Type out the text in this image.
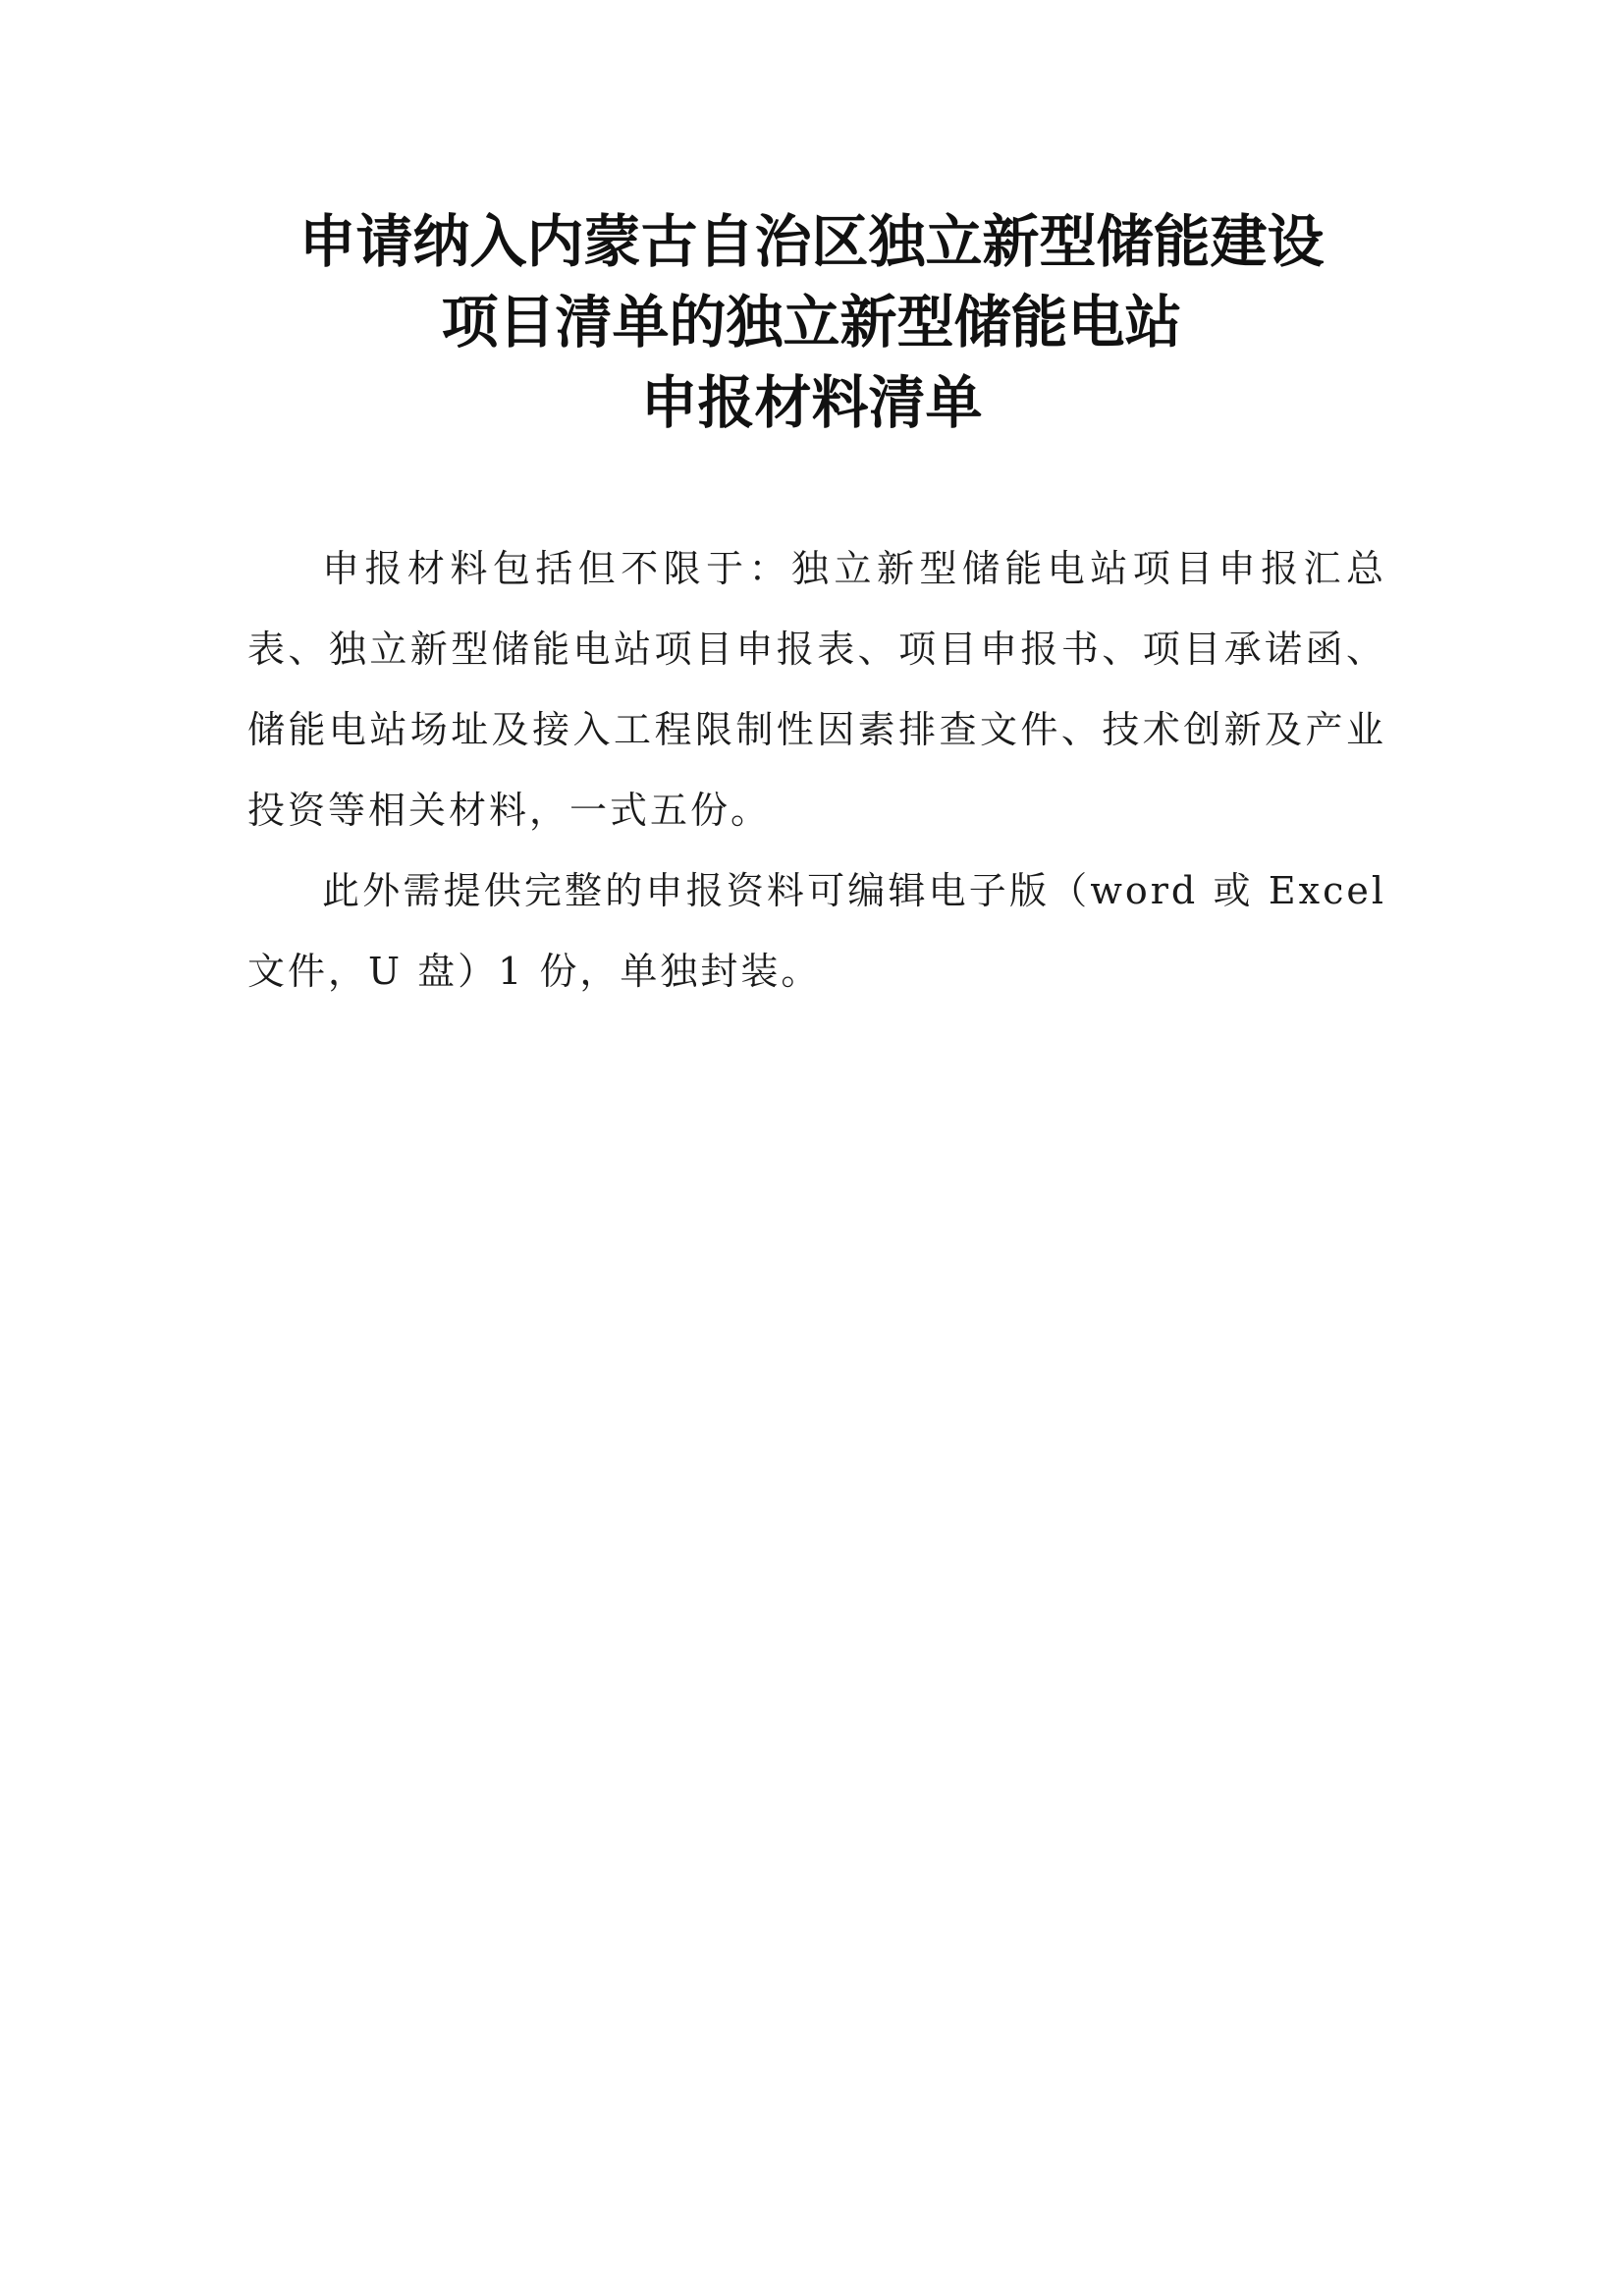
申请纳入内蒙古自治区独立新型储能建设
项目清单的独立新型储能电站
申报材料清单

申报材料包括但不限于：独立新型储能电站项目申报汇总表、独立新型储能电站项目申报表、项目申报书、项目承诺函、储能电站场址及接入工程限制性因素排查文件、技术创新及产业投资等相关材料，一式五份。

此外需提供完整的申报资料可编辑电子版（word 或 Excel 文件，U 盘）1 份，单独封装。
